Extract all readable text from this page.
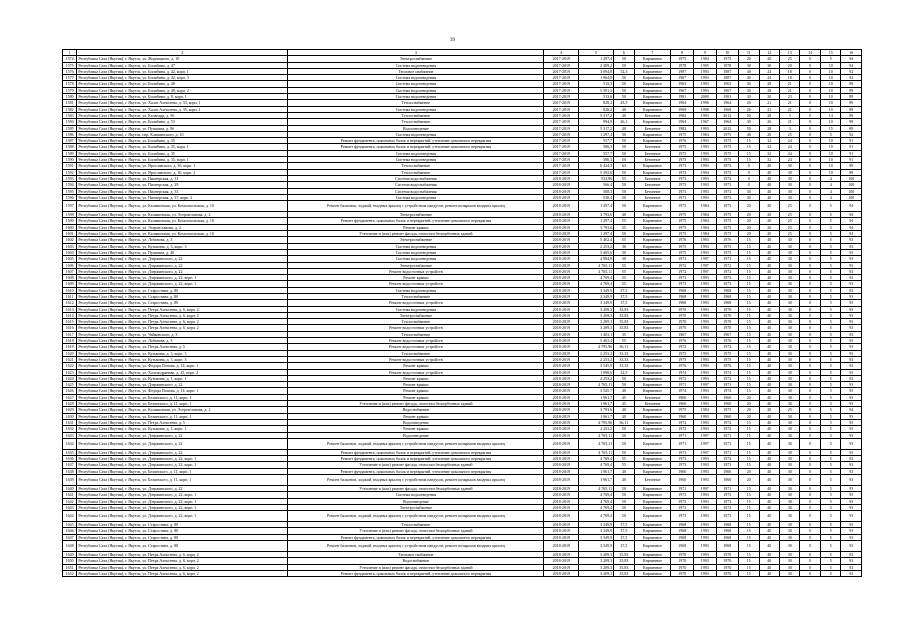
39
1	2	3	4	5	6	7	8	9	10	11	12	13	14	15	16
1574	Республика Саха (Якутия), г. Якутск, ул. Жорницкого, д. 10	Электроснабжение	2017-2019	1 297,4	50	Кирпичное	1975	1984	1975	20	20	25	0	5	94
1575	Республика Саха (Якутия), г. Якутск, ул. Билибина, д. 47	Система водоотведения	2017-2019	2 309,2	50	Кирпичное	1978	1995	1978	30	30	20	0	10	94
1576	Республика Саха (Якутия), г. Якутск, ул. Билибина, д. 42, корп. 1	Тепловое снабжение	2017-2019	3 094,8	52,3	Кирпичное	1987	1993	1987	40	24	18	0	10	92
1577	Республика Саха (Якутия), г. Якутск, ул. Билибина, д. 42, корп. 3	Система водоотведения	2017-2019	1 964,8	50	Кирпичное	1987	1993	1987	40	24	18	0	10	92
1578	Республика Саха (Якутия), г. Якутск, ул. Билибина, д. 48	Система водоотведения	2017-2019	515,3	50	Кирпичное	1963	1993	1963	30	28	21	0	10	89
1579	Республика Саха (Якутия), г. Якутск, ул. Билибина, д. 48, корп. 2	Система водоотведения	2017-2019	5 581,3	50	Кирпичное	1967	1993	1967	30	28	21	0	10	89
1580	Республика Саха (Якутия), г. Якутск, ул. Билибина, д. 8, корп. 1	Система водоотведения	2017-2019	513,6	50	Кирпичное	1981	2000	1981	30	20	23	0	10	89
1581	Республика Саха (Якутия), г. Якутск, ул. Халат Алексеева, д. 33, корп. 1	Теплоснабжение	2017-2019	828,2	43,5	Кирпичное	1964	1996	1964	26	21	21	0	10	89
1582	Республика Саха (Якутия), г. Якутск, ул. Халат Алексеева, д. 35, корп. 1	Система водоотведения	2017-2019	826,2	40	Кирпичное	1969	1998	1969	26	21	21	0	10	89
1583	Республика Саха (Якутия), г. Якутск, ул. Каландар, д. 9б	Теплоснабжение	2017-2019	5 317,2	40	Бетонное	1982	1993	2012	50	28	3	0	14	89
1584	Республика Саха (Якутия), г. Якутск, ул. Билибина, д. 53	Теплоснабжение	2017-2019	994,9	26,1	Кирпичное	1964	1967	1964	30	26	21	0	10	89
1585	Республика Саха (Якутия), г. Якутск, ул. Пушкина, д. 9б	Водоотведение	2017-2019	5 317,2	40	Бетонное	1982	1993	2012	50	28	3	0	15	89
1586	Республика Саха (Якутия), г. Якутск, пер. Клишинского, д. 10	Система водоотведения	2017-2019	1 297,4	50	Кирпичное	1975	1984	1975	40	20	25	0	5	92
1587	Республика Саха (Якутия), г. Якутск, ул. Билибина, д. 35	Ремонт фундамента, цокольных балок и перекрытий, утепление цокольного перекрытия	2017-2019	557,7	50	Кирпичное	1976	1993	1975	15	32	24	0	10	91
1588	Республика Саха (Якутия), г. Якутск, ул. Билибина, д. 35, корп. 1	Ремонт фундамента, цокольных балок и перекрытий, утепление цокольного перекрытия	2017-2019	586,3	50	Бетонное	1975	1993	1975	15	32	24	0	10	91
1589	Республика Саха (Якутия), г. Якутск, ул. Билибина, д. 35	Система водоотведения	2017-2019	557,7	50	Бетонное	1975	1993	1975	15	32	24	0	10	91
1590	Республика Саха (Якутия), г. Якутск, ул. Билибина, д. 35, корп. 1	Система водоотведения	2017-2019	586,3	50	Бетонное	1975	1993	1975	15	32	24	0	10	91
1591	Республика Саха (Якутия), г. Якутск, ул. Ярославского, д. 30, корп. 1	Теплоснабжение	2017-2019	6 424,3	63	Кирпичное	1973	1993	1973	0	40	30	0	10	89
1592	Республика Саха (Якутия), г. Якутск, ул. Ярославского, д. 30, корп. 2	Теплоснабжение	2017-2019	5 392,6	50	Кирпичное	1973	1994	1973	0	40	30	0	10	89
1593	Республика Саха (Якутия), г. Якутск, ул. Пионерская, д. 31	Система водоснабжения	2018-2019	532,96	55	Бетонное	1973	1993	1973	0	40	30	0	4	100
1594	Республика Саха (Якутия), г. Якутск, ул. Пионерская, д. 29	Система водоснабжения	2018-2019	566,4	50	Бетонное	1973	1993	1973	0	40	30	0	4	100
1595	Республика Саха (Якутия), г. Якутск, ул. Пионерская, д. 33	Система водоснабжения	2018-2019	508,3	50	Бетонное	1973	1993	1973	30	40	30	0	4	100
1596	Республика Саха (Якутия), г. Якутск, ул. Пионерская, д. 37, корп. 2	Система водоотведения	2018-2019	530,4	50	Бетонное	1973	1993	1973	30	40	30	0	4	100
1597	Республика Саха (Якутия), г. Якутск, ул. Кальвинская, ул. Комсомольская, д. 10	Ремонт балконов, лоджий, входных крылец с устройством пандусов, ремонт козырьков входных крылец	2018-2019	1 297,4	50	Кирпичное	1975	1984	1975	20	20	25	0	5	94
1598	Республика Саха (Якутия), г. Якутск, ул. Кальвинская, ул. Эсеров/ланова, д. 2	Электроснабжение	2018-2019	3 793,6	40	Кирпичное	1975	1984	1975	20	20	25	0	5	94
1599	Республика Саха (Якутия), г. Якутск, ул. Кальвинская, ул. Комсомольская, д. 10	Ремонт фундамента, цокольных балок и перекрытий, утепление цокольного перекрытия	2018-2019	1 297,4	55	Кирпичное	1975	1984	1975	20	20	25	0	5	94
1600	Республика Саха (Якутия), г. Якутск, ул. Эсеров/ланова, д. 2	Ремонт крыши	2018-2019	3 793,6	55	Кирпичное	1975	1984	1975	20	20	25	0	5	94
1601	Республика Саха (Якутия), г. Якутск, ул. Кальвинская, ул. Комсомольская, д. 10	Утепление и (или) ремонт фасада, отмостки бескорбочных зданий	2018-2019	1 297,4	50	Кирпичное	1975	1984	1975	20	20	25	0	5	94
1602	Республика Саха (Якутия), г. Якутск, ул. Лобанова, д. 3	Электроснабжение	2018-2019	5 402,4	55	Кирпичное	1976	1993	1976	15	40	30	0	5	93
1603	Республика Саха (Якутия), г. Якутск, ул. Кузьмина, д. 3, корп. 3	Система водоотведения	2018-2019	2 253,2	30	Кирпичное	1975	1993	1975	15	40	30	0	5	93
1604	Республика Саха (Якутия), г. Якутск, ул. Пушкина, д. 40	Система водоотведения	2018-2019	3 405,6	30	Кирпичное	1975	1993	1975	15	40	30	0	5	93
1605	Республика Саха (Якутия), г. Якутск, ул. Дзержинского, д. 22	Система водоотведения	2018-2019	4 984,8	30	Кирпичное	1971	1997	1971	15	40	30	0	5	93
1606	Республика Саха (Якутия), г. Якутск, ул. Дзержинского, д. 22	Электроснабжение	2018-2019	4 765,11	55	Кирпичное	1972	1997	1972	15	40	30	0	5	93
1607	Республика Саха (Якутия), г. Якутск, ул. Дзержинского, д. 22	Ремонт водосточных устройств	2018-2019	4 765,11	55	Кирпичное	1972	1997	1972	15	40	30	0	5	93
1608	Республика Саха (Якутия), г. Якутск, ул. Дзержинского, д. 22, корп. 1	Ремонт крыши	2018-2019	4 769,4	55	Кирпичное	1973	1993	1973	15	40	30	0	5	93
1609	Республика Саха (Якутия), г. Якутск, ул. Дзержинского, д. 22, корп. 1	Ремонт водосточных устройств	2018-2019	4 769,4	55	Кирпичное	1973	1993	1973	15	40	30	0	5	93
1610	Республика Саха (Якутия), г. Якутск, ул. Старостина, д. 80	Система водоотведения	2018-2019	3 349,9	37,5	Кирпичное	1968	1993	1968	15	40	30	0	5	93
1611	Республика Саха (Якутия), г. Якутск, ул. Старостина, д. 80	Теплоснабжение	2018-2019	3 349,9	37,5	Кирпичное	1968	1993	1968	15	40	30	0	5	93
1612	Республика Саха (Якутия), г. Якутск, ул. Старостина, д. 80	Ремонт водосточных устройств	2018-2019	3 349,9	37,5	Кирпичное	1968	1993	1968	15	40	30	0	5	93
1613	Республика Саха (Якутия), г. Якутск, ул. Петра Алексеева, д. 6, корп. 2	Система водоотведения	2018-2019	3 209,3	35,83	Кирпичное	1970	1993	1970	15	40	30	0	5	93
1614	Республика Саха (Якутия), г. Якутск, ул. Петра Алексеева, д. 6, корп. 2	Электроснабжение	2018-2019	3 209,3	35,83	Кирпичное	1970	1993	1970	15	40	30	0	5	93
1615	Республика Саха (Якутия), г. Якутск, ул. Петра Алексеева, д. 6, корп. 2	Теплоснабжение	2018-2019	3 209,3	35,83	Кирпичное	1970	1993	1970	15	40	30	0	5	93
1616	Республика Саха (Якутия), г. Якутск, ул. Петра Алексеева, д. 6, корп. 2	Ремонт водосточных устройств	2018-2019	3 209,3	35,83	Кирпичное	1970	1993	1970	15	40	30	0	5	93
1617	Республика Саха (Якутия), г. Якутск, ул. Чайковского, д. 3	Теплоснабжение	2018-2019	1 403,1	35	Кирпичное	1967	1993	1967	15	40	30	0	5	93
1618	Республика Саха (Якутия), г. Якутск, ул. Лобанова, д. 3	Ремонт водосточных устройств	2018-2019	5 402,4	55	Кирпичное	1976	1993	1976	15	40	30	0	5	93
1619	Республика Саха (Якутия), г. Якутск, ул. Петра Алексеева, д. 5	Ремонт водосточных устройств	2018-2019	4 795,96	36,11	Кирпичное	1972	1993	1972	15	40	30	0	5	93
1620	Республика Саха (Якутия), г. Якутск, ул. Кузьмина, д. 3, корп. 3	Теплоснабжение	2018-2019	2 253,2	33,33	Кирпичное	1975	1993	1975	15	40	30	0	5	93
1621	Республика Саха (Якутия), г. Якутск, ул. Кузьмина, д. 3, корп. 3	Ремонт водосточных устройств	2018-2019	2 253,2	33,33	Кирпичное	1975	1993	1975	15	40	30	0	5	93
1622	Республика Саха (Якутия), г. Якутск, ул. Федора Попова, д. 14, корп. 1	Ремонт крыши	2018-2019	3 545,9	33,33	Кирпичное	1976	1993	1976	15	40	30	0	5	93
1623	Республика Саха (Якутия), г. Якутск, ул. Халтандрянова, д. 25, корп. 2	Ремонт водосточных устройств	2018-2019	1 998,6	32,5	Кирпичное	1974	1993	1974	15	40	30	0	5	93
1624	Республика Саха (Якутия), г. Якутск, ул. Кузьмина, д. 1, корп. 1	Ремонт крыши	2018-2019	2 253,2	50	Кирпичное	1972	1993	1972	15	40	30	0	5	93
1625	Республика Саха (Якутия), г. Якутск, ул. Дзержинского, д. 22	Ремонт крыши	2018-2019	4 765,11	50	Кирпичное	1971	1997	1971	15	40	30	0	5	93
1626	Республика Саха (Якутия), г. Якутск, ул. Федора Попова, д. 14, корп. 1	Ремонт крыши	2018-2019	3 545,7	40	Кирпичное	1974	1993	1974	15	40	30	0	5	93
1627	Республика Саха (Якутия), г. Якутск, ул. Белинского, д. 11, корп. 1	Ремонт крыши	2018-2019	1 961,7	45	Бетонное	1960	1993	1960	20	40	30	0	5	93
1628	Республика Саха (Якутия), г. Якутск, ул. Белинского, д. 11, корп. 1	Утепление и (или) ремонт фасада, отмостки бескорбочных зданий	2018-2019	1 961,7	45	Бетонное	1960	1993	1960	20	40	30	0	5	93
1629	Республика Саха (Якутия), г. Якутск, ул. Кальвинская, ул. Эсеров/ланова, д. 2	Водоснабжение	2018-2019	3 793,6	40	Кирпичное	1975	1984	1975	20	20	25	0	5	94
1630	Республика Саха (Якутия), г. Якутск, ул. Белинского, д. 11, корп. 1	Ремонт крыши	2018-2019	1 961,7	40	Кирпичное	1960	1993	1960	20	40	30	0	5	93
1631	Республика Саха (Якутия), г. Якутск, ул. Петра Алексеева, д. 5	Водоотведение	2018-2019	4 795,96	36,11	Кирпичное	1972	1993	1972	15	40	30	0	5	93
1632	Республика Саха (Якутия), г. Якутск, ул. Кузьмина, д. 1, корп. 1	Ремонт крыши	2018-2019	2 253,2	50	Кирпичное	1972	1993	1972	15	40	30	0	5	93
1633	Республика Саха (Якутия), г. Якутск, ул. Дзержинского, д. 22	Водоотведение	2018-2019	4 765,11	50	Кирпичное	1971	1997	1971	15	40	30	0	5	93
1634	Республика Саха (Якутия), г. Якутск, ул. Дзержинского, д. 22	Ремонт балконов, лоджий, входных крылец с устройством пандусов, ремонт козырьков входных крылец	2018-2019	4 765,11	50	Кирпичное	1971	1997	1971	15	40	30	0	5	93
1635	Республика Саха (Якутия), г. Якутск, ул. Дзержинского, д. 22	Ремонт фундамента, цокольных балок и перекрытий, утепление цокольного перекрытия	2018-2019	4 765,11	50	Кирпичное	1971	1997	1971	15	40	30	0	5	93
1636	Республика Саха (Якутия), г. Якутск, ул. Дзержинского, д. 22, корп. 1	Ремонт фундамента, цокольных балок и перекрытий, утепление цокольного перекрытия	2018-2019	4 769,4	55	Кирпичное	1973	1993	1973	15	40	30	0	5	93
1637	Республика Саха (Якутия), г. Якутск, ул. Дзержинского, д. 22, корп. 1	Утепление и (или) ремонт фасада, отмостки бескорбочных зданий	2018-2019	4 769,4	55	Кирпичное	1973	1993	1973	15	40	30	0	5	93
1638	Республика Саха (Якутия), г. Якутск, ул. Белинского, д. 11, корп. 1	Ремонт фундамента, цокольных балок и перекрытий, утепление цокольного перекрытия	2018-2019	1 961,7	40	Кирпичное	1960	1993	1960	20	40	30	0	5	93
1639	Республика Саха (Якутия), г. Якутск, ул. Белинского, д. 11, корп. 1	Ремонт балконов, лоджий, входных крылец с устройством пандусов, ремонт козырьков входных крылец	2018-2019	1 961,7	40	Бетонное	1960	1993	1960	20	40	30	0	5	93
1640	Республика Саха (Якутия), г. Якутск, ул. Дзержинского, д. 22	Утепление и (или) ремонт фасада, отмостки бескорбочных зданий	2018-2019	4 765,11	50	Кирпичное	1971	1997	1971	15	40	30	0	5	93
1641	Республика Саха (Якутия), г. Якутск, ул. Дзержинского, д. 22, корп. 1	Система водоотведения	2018-2019	4 769,4	50	Кирпичное	1973	1993	1973	15	40	30	0	5	93
1642	Республика Саха (Якутия), г. Якутск, ул. Дзержинского, д. 22, корп. 1	Водоотведение	2018-2019	4 769,4	50	Кирпичное	1973	1993	1973	15	40	30	0	5	93
1643	Республика Саха (Якутия), г. Якутск, ул. Дзержинского, д. 22, корп. 1	Электроснабжение	2018-2019	4 769,4	50	Кирпичное	1972	1993	1972	15	40	30	0	5	93
1644	Республика Саха (Якутия), г. Якутск, ул. Дзержинского, д. 22, корп. 1	Ремонт балконов, лоджий, входных крылец с устройством пандусов, ремонт козырьков входных крылец	2018-2019	4 769,4	50	Кирпичное	1973	1993	1973	15	40	30	0	5	93
1645	Республика Саха (Якутия), г. Якутск, ул. Старостина, д. 80	Теплоснабжение	2018-2019	3 349,9	37,5	Кирпичное	1968	1993	1968	15	40	30	0	5	93
1646	Республика Саха (Якутия), г. Якутск, ул. Старостина, д. 80	Утепление и (или) ремонт фасада, отмостки бескорбочных зданий	2018-2019	3 349,9	37,5	Кирпичное	1968	1993	1968	15	40	30	0	5	93
1647	Республика Саха (Якутия), г. Якутск, ул. Старостина, д. 80	Ремонт фундамента, цокольных балок и перекрытий, утепление цокольного перекрытия	2018-2019	3 349,9	37,5	Кирпичное	1968	1993	1968	15	40	30	0	5	93
1648	Республика Саха (Якутия), г. Якутск, ул. Старостина, д. 80	Ремонт балконов, лоджий, входных крылец с устройством пандусов, ремонт козырьков входных крылец	2018-2019	3 349,9	37,5	Кирпичное	1968	1993	1968	15	40	30	0	5	93
1649	Республика Саха (Якутия), г. Якутск, ул. Петра Алексеева, д. 6, корп. 2	Тепловое снабжение	2018-2019	3 209,3	35,83	Кирпичное	1970	1993	1970	15	40	30	0	5	93
1650	Республика Саха (Якутия), г. Якутск, ул. Петра Алексеева, д. 6, корп. 2	Водоснабжение	2018-2019	3 209,3	35,83	Кирпичное	1970	1993	1970	15	40	30	0	5	93
1651	Республика Саха (Якутия), г. Якутск, ул. Петра Алексеева, д. 6, корп. 2	Утепление и (или) ремонт фасада, отмостки бескорбочных зданий	2018-2019	3 209,3	35,83	Кирпичное	1970	1993	1970	15	40	30	0	5	93
1652	Республика Саха (Якутия), г. Якутск, ул. Петра Алексеева, д. 6, корп. 2	Ремонт фундамента, цокольных балок и перекрытий, утепление цокольного перекрытия	2018-2019	3 209,3	35,83	Кирпичное	1970	1993	1970	15	40	30	0	5	93
